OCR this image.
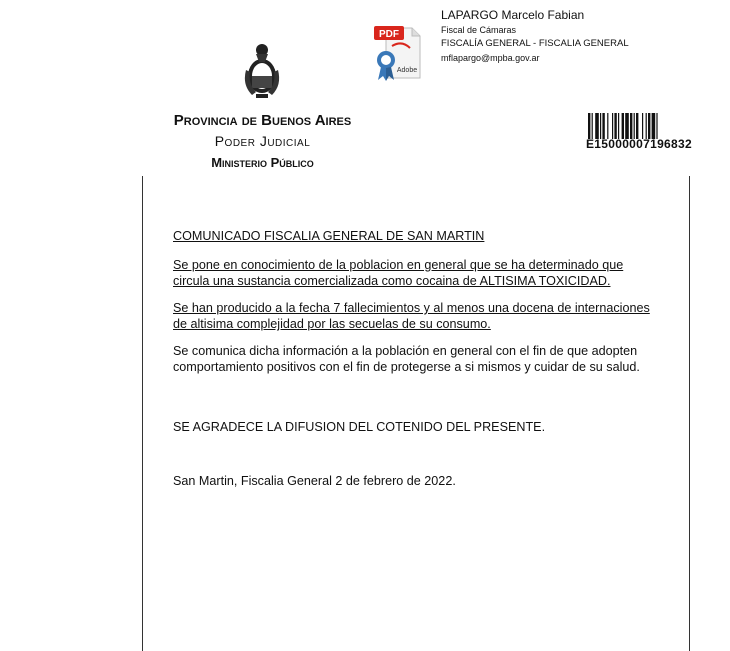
Provincia de Buenos Aires
Poder Judicial
Ministerio Público
PDF
Adobe
LAPARGO Marcelo Fabian
Fiscal de Cámaras
FISCALÍA GENERAL - FISCALIA GENERAL
mflapargo@mpba.gov.ar
E15000007196832

COMUNICADO FISCALIA GENERAL DE SAN MARTIN

Se pone en conocimiento de la poblacion en general que se ha determinado que
circula una sustancia comercializada como cocaina de ALTISIMA TOXICIDAD.

Se han producido a la fecha 7 fallecimientos y al menos una docena de internaciones
de altisima complejidad por las secuelas de su consumo.

Se comunica dicha información a la población en general con el fin de que adopten comportamiento positivos con el fin de protegerse a si mismos y cuidar de su salud.

SE AGRADECE LA DIFUSION DEL COTENIDO DEL PRESENTE.

San Martin, Fiscalia General 2 de febrero de 2022.
